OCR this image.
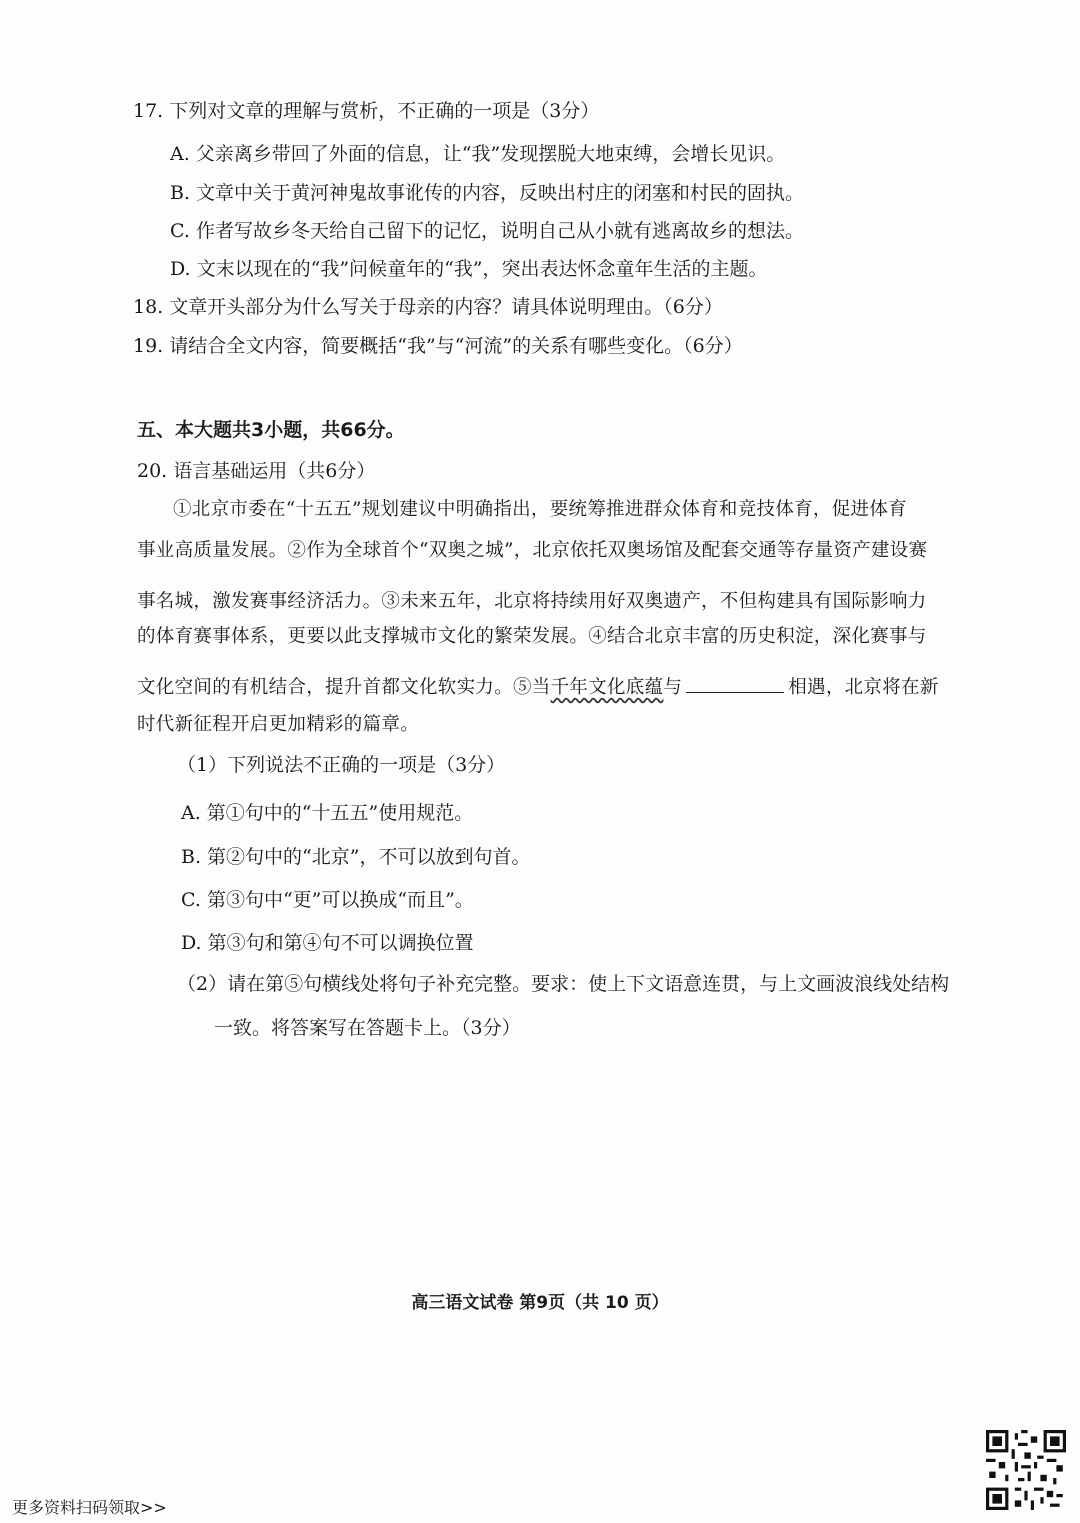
17. 下列对文章的理解与赏析，不正确的一项是（3分）
A. 父亲离乡带回了外面的信息，让“我”发现摆脱大地束缚，会增长见识。
B. 文章中关于黄河神鬼故事讹传的内容，反映出村庄的闭塞和村民的固执。
C. 作者写故乡冬天给自己留下的记忆，说明自己从小就有逃离故乡的想法。
D. 文末以现在的“我”问候童年的“我”，突出表达怀念童年生活的主题。
18. 文章开头部分为什么写关于母亲的内容？请具体说明理由。（6分）
19. 请结合全文内容，简要概括“我”与“河流”的关系有哪些变化。（6分）
五、本大题共3小题，共66分。
20. 语言基础运用（共6分）
①北京市委在“十五五”规划建议中明确指出，要统筹推进群众体育和竞技体育，促进体育
事业高质量发展。②作为全球首个“双奥之城”，北京依托双奥场馆及配套交通等存量资产建设赛
事名城，激发赛事经济活力。③未来五年，北京将持续用好双奥遗产，不但构建具有国际影响力
的体育赛事体系，更要以此支撑城市文化的繁荣发展。④结合北京丰富的历史积淀，深化赛事与
文化空间的有机结合，提升首都文化软实力。⑤当千年文化底蕴与	相遇，北京将在新
时代新征程开启更加精彩的篇章。
（1）下列说法不正确的一项是（3分）
A. 第①句中的“十五五”使用规范。
B. 第②句中的“北京”，不可以放到句首。
C. 第③句中“更”可以换成“而且”。
D. 第③句和第④句不可以调换位置
（2）请在第⑤句横线处将句子补充完整。要求：使上下文语意连贯，与上文画波浪线处结构
一致。将答案写在答题卡上。（3分）
高三语文试卷 第9页（共 10 页）
更多资料扫码领取>>
